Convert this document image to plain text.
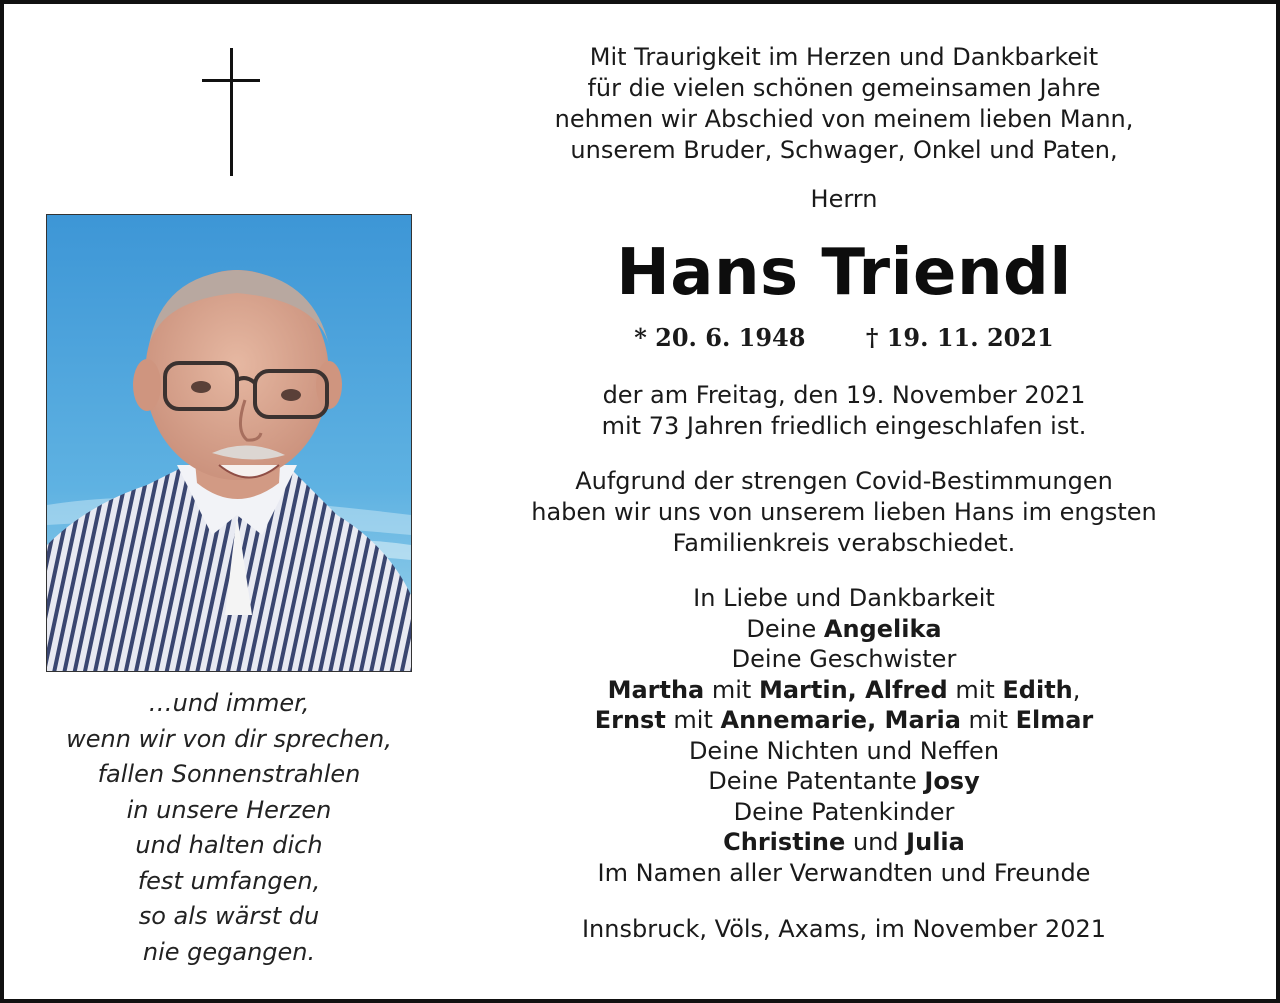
…und immer,
wenn wir von dir sprechen,
fallen Sonnenstrahlen
in unsere Herzen
und halten dich
fest umfangen,
so als wärst du
nie gegangen.
Mit Traurigkeit im Herzen und Dankbarkeit
für die vielen schönen gemeinsamen Jahre
nehmen wir Abschied von meinem lieben Mann,
unserem Bruder, Schwager, Onkel und Paten,
Herrn
Hans Triendl
* 20. 6. 1948	† 19. 11. 2021
der am Freitag, den 19. November 2021
mit 73 Jahren friedlich eingeschlafen ist.
Aufgrund der strengen Covid-Bestimmungen
haben wir uns von unserem lieben Hans im engsten
Familienkreis verabschiedet.
In Liebe und Dankbarkeit
Deine Angelika
Deine Geschwister
Martha mit Martin, Alfred mit Edith,
Ernst mit Annemarie, Maria mit Elmar
Deine Nichten und Neffen
Deine Patentante Josy
Deine Patenkinder
Christine und Julia
Im Namen aller Verwandten und Freunde
Innsbruck, Völs, Axams, im November 2021
